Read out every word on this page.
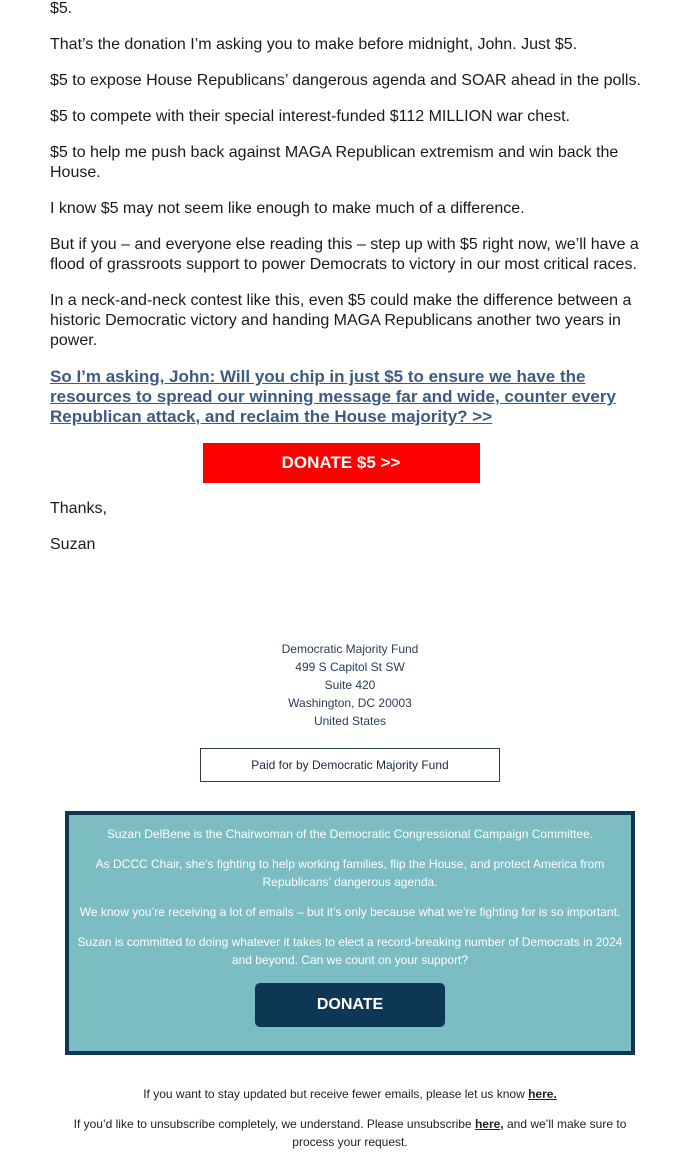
$5.

That’s the donation I’m asking you to make before midnight, John. Just $5.

$5 to expose House Republicans’ dangerous agenda and SOAR ahead in the polls.

$5 to compete with their special interest-funded $112 MILLION war chest.

$5 to help me push back against MAGA Republican extremism and win back the House.

I know $5 may not seem like enough to make much of a difference.

But if you – and everyone else reading this – step up with $5 right now, we’ll have a flood of grassroots support to power Democrats to victory in our most critical races.

In a neck-and-neck contest like this, even $5 could make the difference between a historic Democratic victory and handing MAGA Republicans another two years in power.

So I’m asking, John: Will you chip in just $5 to ensure we have the resources to spread our winning message far and wide, counter every Republican attack, and reclaim the House majority? >>
DONATE $5 >>

Thanks,

Suzan

Democratic Majority Fund
499 S Capitol St SW
Suite 420
Washington, DC 20003
United States
Paid for by Democratic Majority Fund

Suzan DelBene is the Chairwoman of the Democratic Congressional Campaign Committee.

As DCCC Chair, she’s fighting to help working families, flip the House, and protect America from Republicans’ dangerous agenda.

We know you’re receiving a lot of emails – but it’s only because what we’re fighting for is so important.

Suzan is committed to doing whatever it takes to elect a record-breaking number of Democrats in 2024 and beyond. Can we count on your support?

DONATE

If you want to stay updated but receive fewer emails, please let us know here.

If you’d like to unsubscribe completely, we understand. Please unsubscribe here, and we’ll make sure to process your request.
